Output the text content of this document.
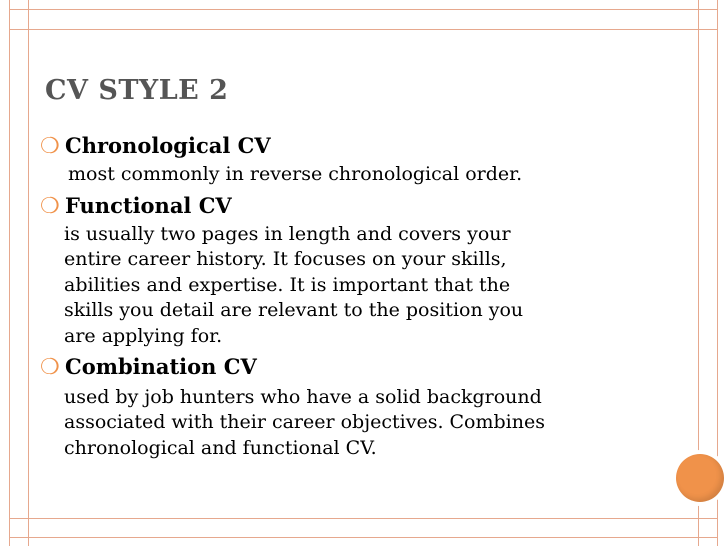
CV STYLE 2
❍ Chronological CV
most commonly in reverse chronological order.
❍ Functional CV
is usually two pages in length and covers your
entire career history. It focuses on your skills,
abilities and expertise. It is important that the
skills you detail are relevant to the position you
are applying for.
❍ Combination CV
used by job hunters who have a solid background
associated with their career objectives. Combines
chronological and functional CV.
